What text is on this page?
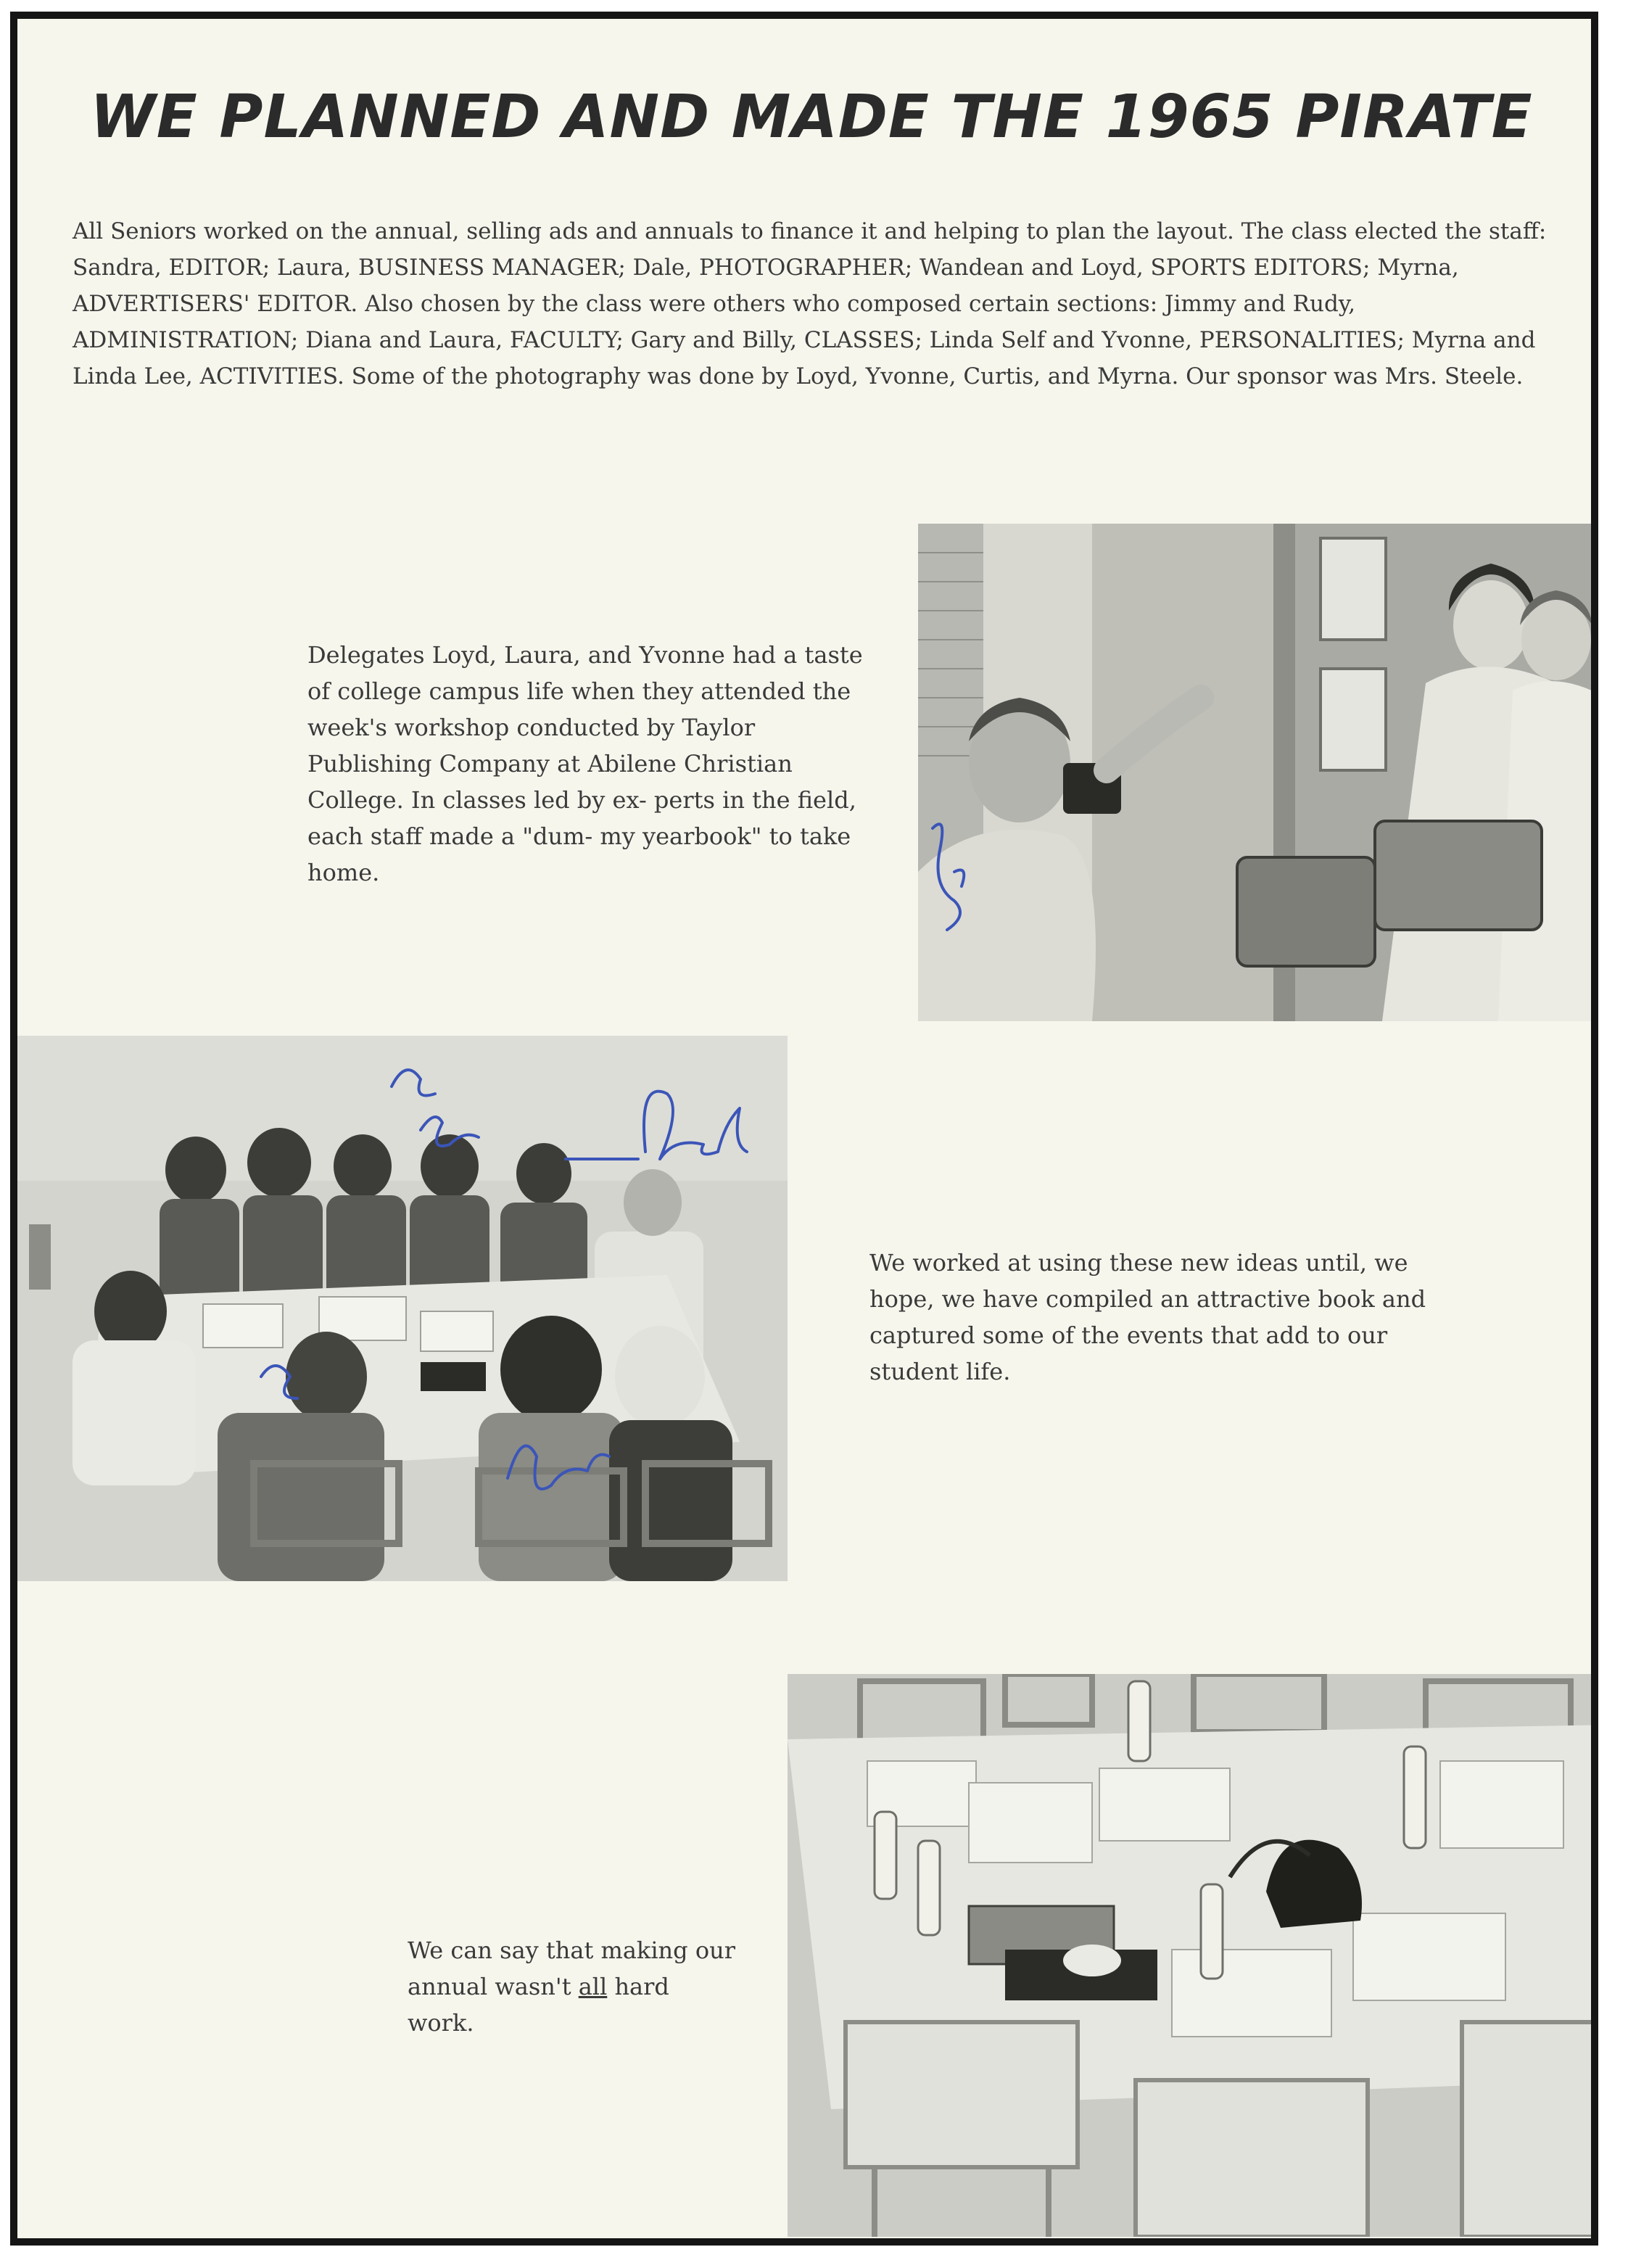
WE PLANNED AND MADE THE 1965 PIRATE

All Seniors worked on the annual, selling ads and annuals to finance it and helping to plan the layout. The class elected the staff: Sandra, EDITOR; Laura, BUSINESS MANAGER; Dale, PHOTOGRAPHER; Wandean and Loyd, SPORTS EDITORS; Myrna, ADVERTISERS' EDITOR. Also chosen by the class were others who composed certain sections: Jimmy and Rudy, ADMINISTRATION; Diana and Laura, FACULTY; Gary and Billy, CLASSES; Linda Self and Yvonne, PERSONALITIES; Myrna and Linda Lee, ACTIVITIES. Some of the photography was done by Loyd, Yvonne, Curtis, and Myrna. Our sponsor was Mrs. Steele.

Delegates Loyd, Laura, and Yvonne had a taste of college campus life when they attended the week's workshop conducted by Taylor Publishing Company at Abilene Christian College. In classes led by ex- perts in the field, each staff made a "dum- my yearbook" to take home.

We worked at using these new ideas until, we hope, we have compiled an attractive book and captured some of the events that add to our student life.

We can say that making our annual wasn't all hard work.
